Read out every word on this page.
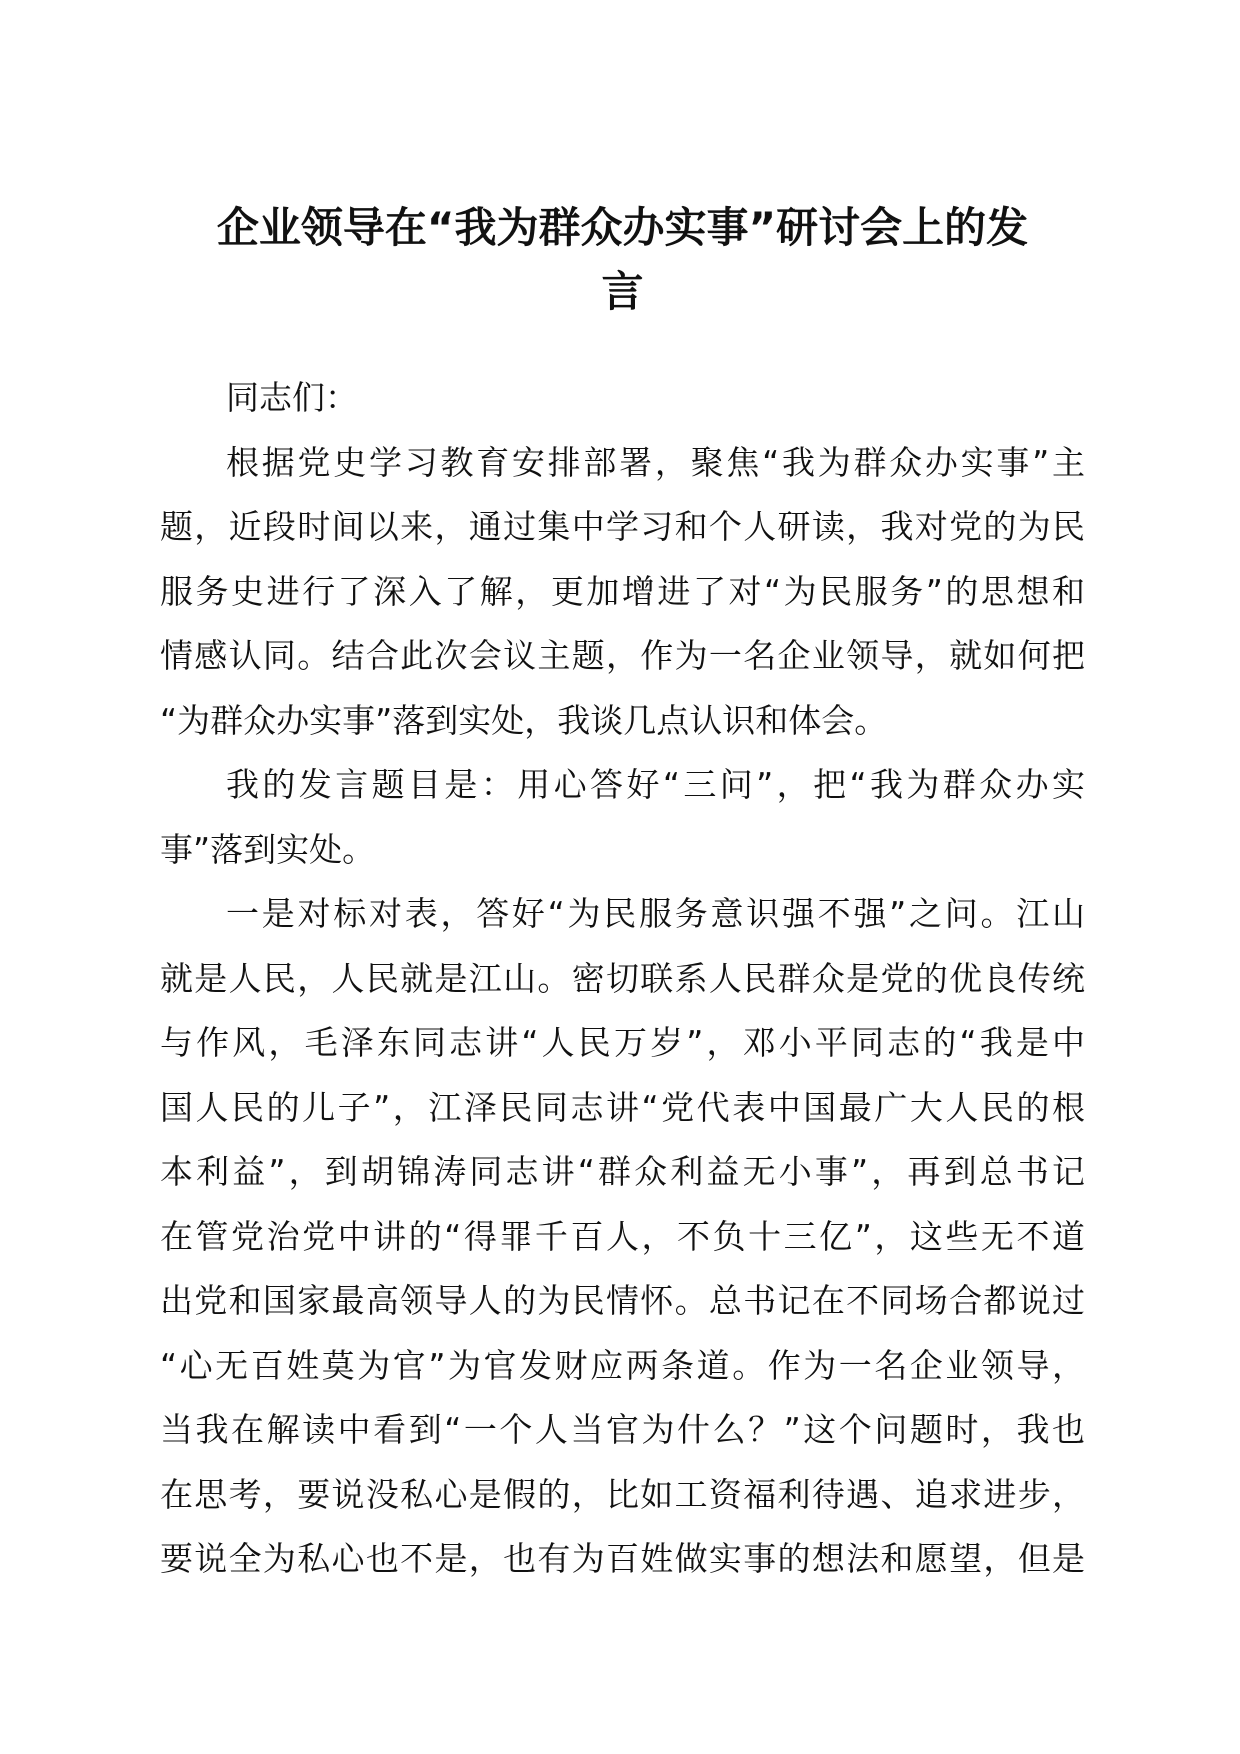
企业领导在“我为群众办实事”研讨会上的发
言
同志们：
根据党史学习教育安排部署，聚焦“我为群众办实事”主
题，近段时间以来，通过集中学习和个人研读，我对党的为民
服务史进行了深入了解，更加增进了对“为民服务”的思想和
情感认同。结合此次会议主题，作为一名企业领导，就如何把
“为群众办实事”落到实处，我谈几点认识和体会。
我的发言题目是：用心答好“三问”，把“我为群众办实
事”落到实处。
一是对标对表，答好“为民服务意识强不强”之问。江山
就是人民，人民就是江山。密切联系人民群众是党的优良传统
与作风，毛泽东同志讲“人民万岁”，邓小平同志的“我是中
国人民的儿子”，江泽民同志讲“党代表中国最广大人民的根
本利益”，到胡锦涛同志讲“群众利益无小事”，再到总书记
在管党治党中讲的“得罪千百人，不负十三亿”，这些无不道
出党和国家最高领导人的为民情怀。总书记在不同场合都说过
“心无百姓莫为官”为官发财应两条道。作为一名企业领导，
当我在解读中看到“一个人当官为什么？”这个问题时，我也
在思考，要说没私心是假的，比如工资福利待遇、追求进步，
要说全为私心也不是，也有为百姓做实事的想法和愿望，但是
